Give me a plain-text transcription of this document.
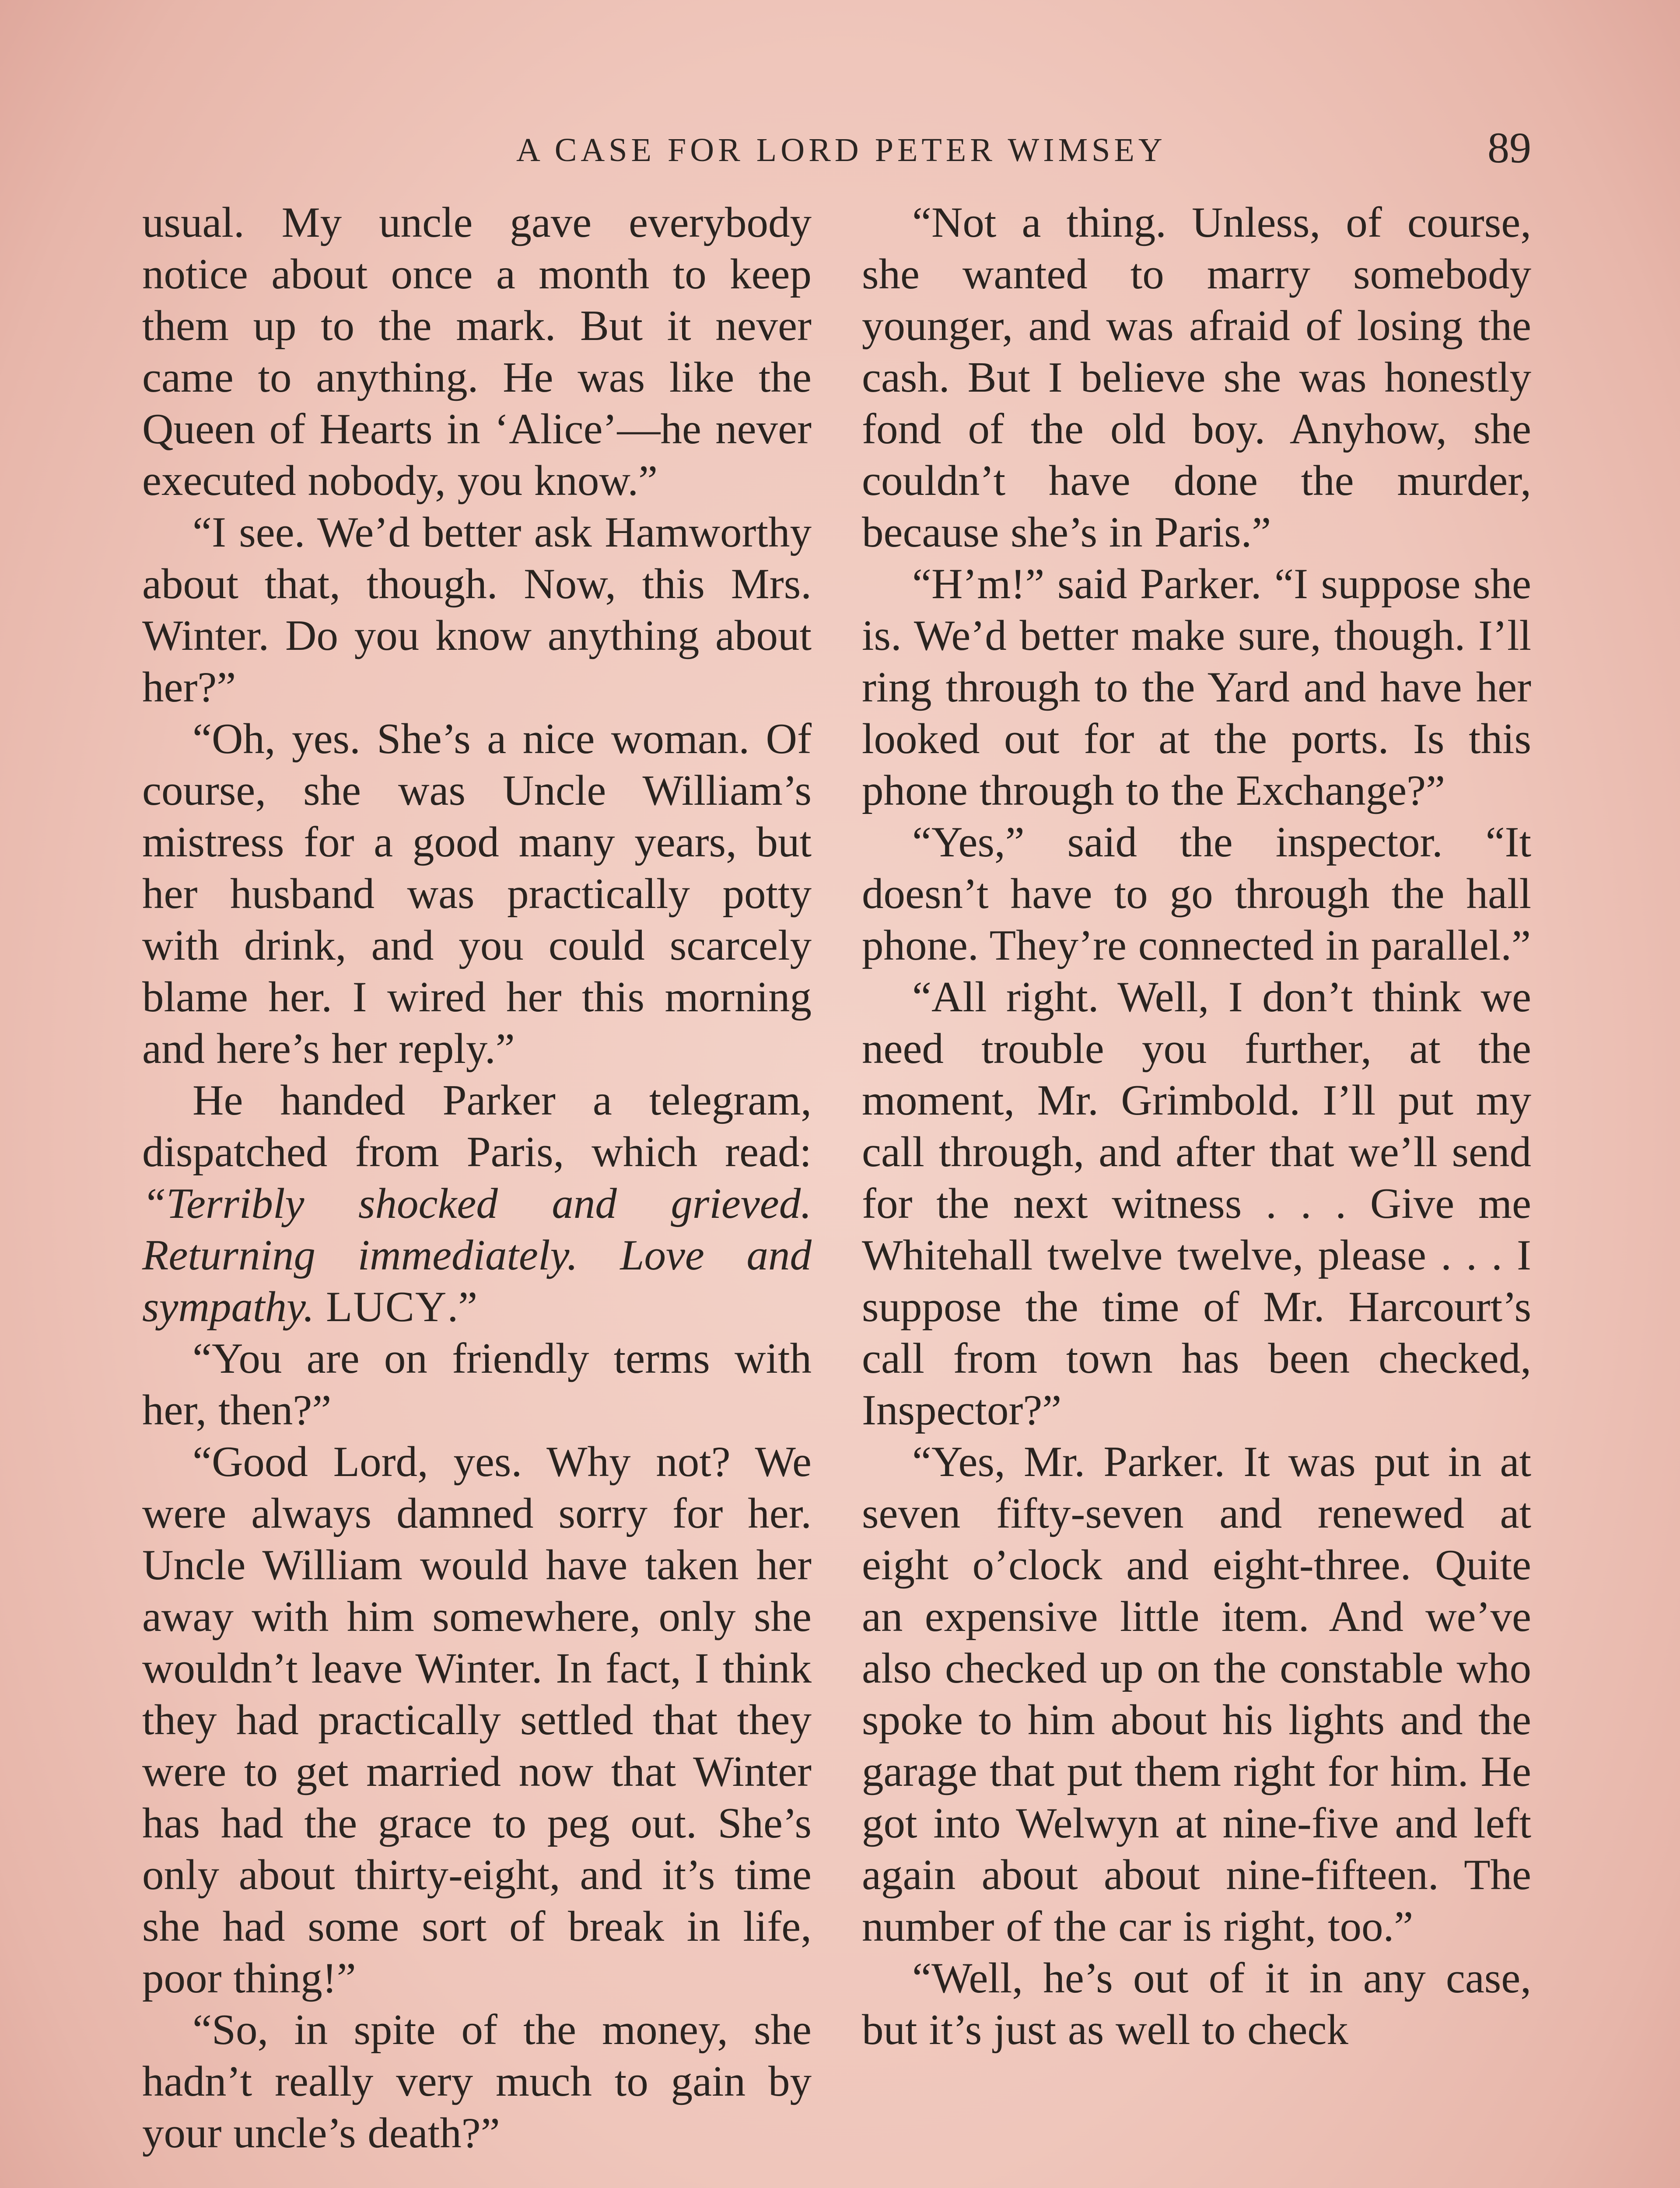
A CASE FOR LORD PETER WIMSEY	89

usual. My uncle gave everybody notice about once a month to keep them up to the mark. But it never came to anything. He was like the Queen of Hearts in ‘Alice’—he never executed nobody, you know.”

“I see. We’d better ask Hamworthy about that, though. Now, this Mrs. Winter. Do you know anything about her?”

“Oh, yes. She’s a nice woman. Of course, she was Uncle William’s mistress for a good many years, but her husband was practically potty with drink, and you could scarcely blame her. I wired her this morning and here’s her reply.”

He handed Parker a telegram, dispatched from Paris, which read: “Terribly shocked and grieved. Returning immediately. Love and sympathy. LUCY.”

“You are on friendly terms with her, then?”

“Good Lord, yes. Why not? We were always damned sorry for her. Uncle William would have taken her away with him somewhere, only she wouldn’t leave Winter. In fact, I think they had practically settled that they were to get married now that Winter has had the grace to peg out. She’s only about thirty-eight, and it’s time she had some sort of break in life, poor thing!”

“So, in spite of the money, she hadn’t really very much to gain by your uncle’s death?”

“Not a thing. Unless, of course, she wanted to marry somebody younger, and was afraid of losing the cash. But I believe she was honestly fond of the old boy. Anyhow, she couldn’t have done the murder, because she’s in Paris.”

“H’m!” said Parker. “I suppose she is. We’d better make sure, though. I’ll ring through to the Yard and have her looked out for at the ports. Is this phone through to the Exchange?”

“Yes,” said the inspector. “It doesn’t have to go through the hall phone. They’re connected in parallel.”

“All right. Well, I don’t think we need trouble you further, at the moment, Mr. Grimbold. I’ll put my call through, and after that we’ll send for the next witness . . . Give me Whitehall twelve twelve, please . . . I suppose the time of Mr. Harcourt’s call from town has been checked, Inspector?”

“Yes, Mr. Parker. It was put in at seven fifty-seven and renewed at eight o’clock and eight-three. Quite an expensive little item. And we’ve also checked up on the constable who spoke to him about his lights and the garage that put them right for him. He got into Welwyn at nine-five and left again about about nine-fifteen. The number of the car is right, too.”

“Well, he’s out of it in any case, but it’s just as well to check
